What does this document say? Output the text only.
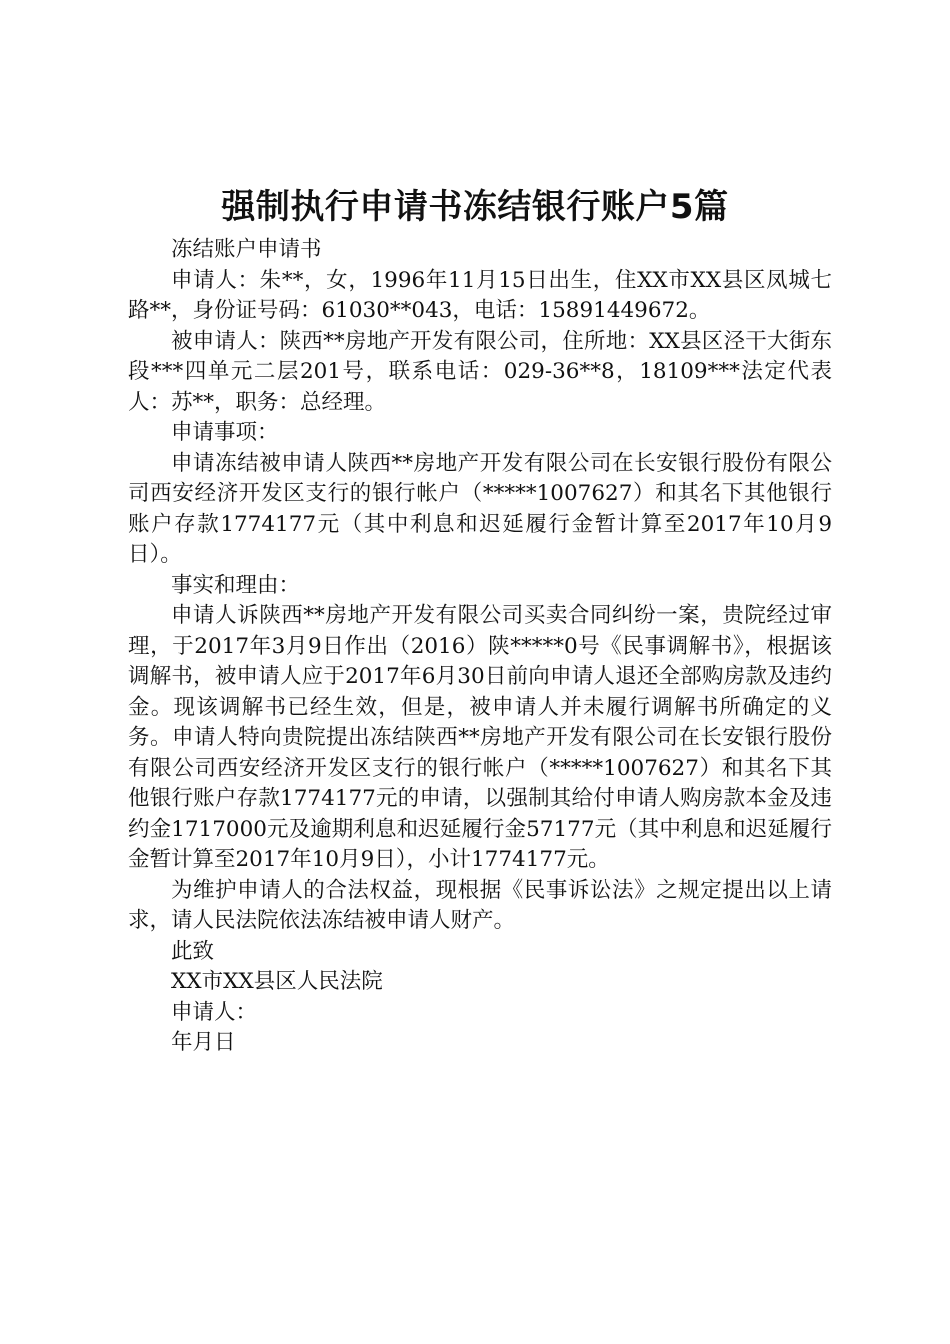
强制执行申请书冻结银行账户5篇

冻结账户申请书

申请人：朱**，女，1996年11月15日出生，住XX市XX县区凤城七路**，身份证号码：61030**043，电话：15891449672。

被申请人：陕西**房地产开发有限公司，住所地：XX县区泾干大街东段***四单元二层201号，联系电话：029-36**8，18109***法定代表人：苏**，职务：总经理。

申请事项：

申请冻结被申请人陕西**房地产开发有限公司在长安银行股份有限公司西安经济开发区支行的银行帐户（*****1007627）和其名下其他银行账户存款1774177元（其中利息和迟延履行金暂计算至2017年10月9日）。

事实和理由：

申请人诉陕西**房地产开发有限公司买卖合同纠纷一案，贵院经过审理，于2017年3月9日作出（2016）陕*****0号《民事调解书》，根据该调解书，被申请人应于2017年6月30日前向申请人退还全部购房款及违约金。现该调解书已经生效，但是，被申请人并未履行调解书所确定的义务。申请人特向贵院提出冻结陕西**房地产开发有限公司在长安银行股份有限公司西安经济开发区支行的银行帐户（*****1007627）和其名下其他银行账户存款1774177元的申请，以强制其给付申请人购房款本金及违约金1717000元及逾期利息和迟延履行金57177元（其中利息和迟延履行金暂计算至2017年10月9日），小计1774177元。

为维护申请人的合法权益，现根据《民事诉讼法》之规定提出以上请求，请人民法院依法冻结被申请人财产。

此致

XX市XX县区人民法院

申请人：

年月日
